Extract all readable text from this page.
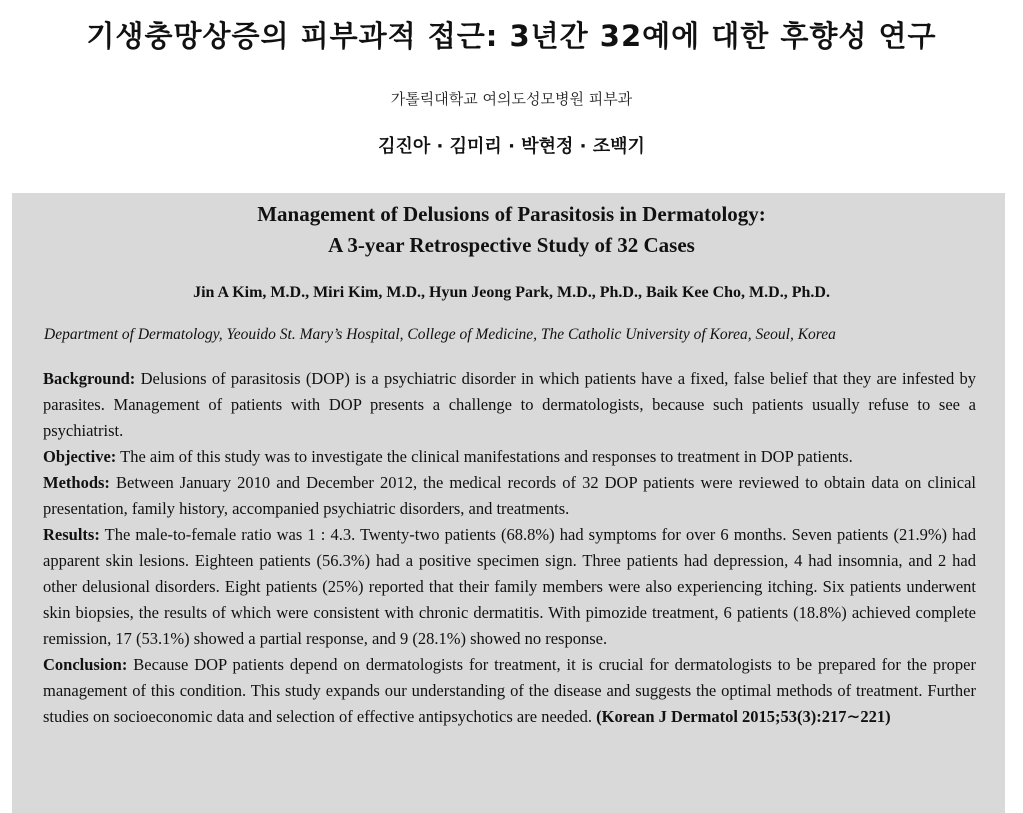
기생충망상증의 피부과적 접근: 3년간 32예에 대한 후향성 연구
가톨릭대학교 여의도성모병원 피부과
김진아 · 김미리 · 박현정 · 조백기
Management of Delusions of Parasitosis in Dermatology:
A 3-year Retrospective Study of 32 Cases
Jin A Kim, M.D., Miri Kim, M.D., Hyun Jeong Park, M.D., Ph.D., Baik Kee Cho, M.D., Ph.D.
Department of Dermatology, Yeouido St. Mary’s Hospital, College of Medicine, The Catholic University of Korea, Seoul, Korea

Background: Delusions of parasitosis (DOP) is a psychiatric disorder in which patients have a fixed, false belief that they are infested by parasites. Management of patients with DOP presents a challenge to dermatologists, because such patients usually refuse to see a psychiatrist.

Objective: The aim of this study was to investigate the clinical manifestations and responses to treatment in DOP patients.

Methods: Between January 2010 and December 2012, the medical records of 32 DOP patients were reviewed to obtain data on clinical presentation, family history, accompanied psychiatric disorders, and treatments.

Results: The male-to-female ratio was 1 : 4.3. Twenty-two patients (68.8%) had symptoms for over 6 months. Seven patients (21.9%) had apparent skin lesions. Eighteen patients (56.3%) had a positive specimen sign. Three patients had depression, 4 had insomnia, and 2 had other delusional disorders. Eight patients (25%) reported that their family members were also experiencing itching. Six patients underwent skin biopsies, the results of which were consistent with chronic dermatitis. With pimozide treatment, 6 patients (18.8%) achieved complete remission, 17 (53.1%) showed a partial response, and 9 (28.1%) showed no response.

Conclusion: Because DOP patients depend on dermatologists for treatment, it is crucial for dermatologists to be prepared for the proper management of this condition. This study expands our understanding of the disease and suggests the optimal methods of treatment. Further studies on socioeconomic data and selection of effective antipsychotics are needed. (Korean J Dermatol 2015;53(3):217∼221)
